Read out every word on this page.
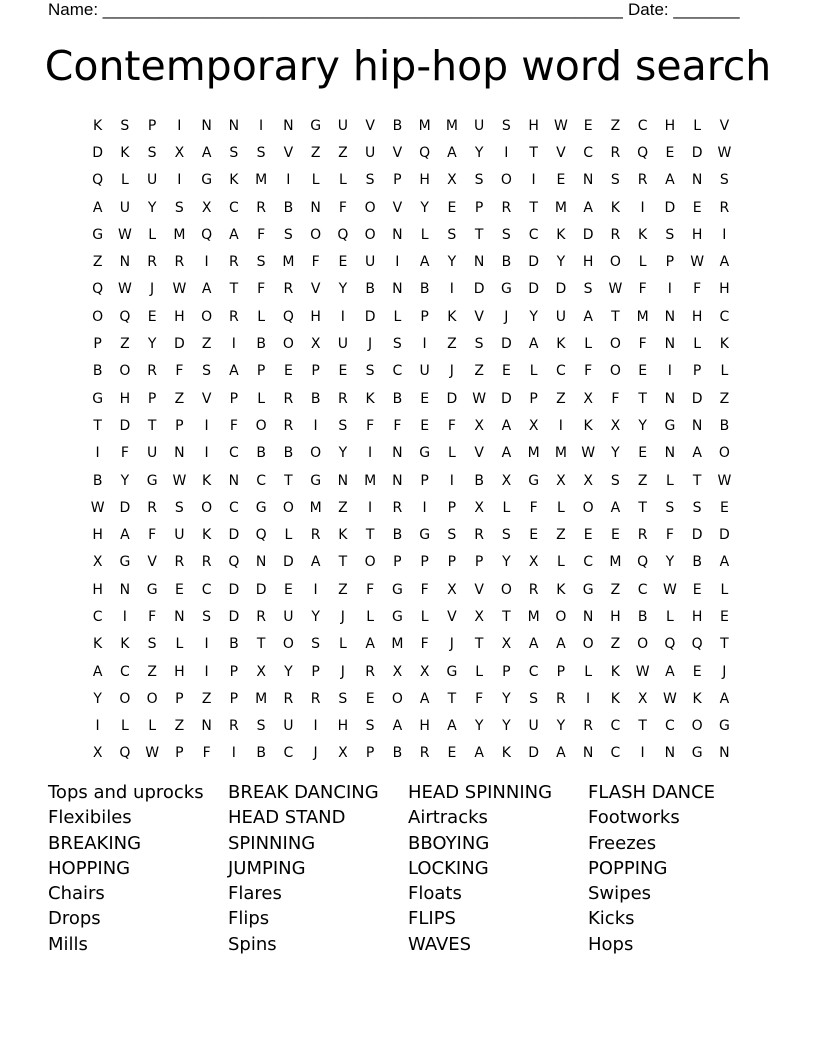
Name: _______________________________________________________ Date: _______
Contemporary hip-hop word search
K	S	P	I	N	N	I	N	G	U	V	B	M	M	U	S	H	W	E	Z	C	H	L	V
D	K	S	X	A	S	S	V	Z	Z	U	V	Q	A	Y	I	T	V	C	R	Q	E	D	W
Q	L	U	I	G	K	M	I	L	L	S	P	H	X	S	O	I	E	N	S	R	A	N	S
A	U	Y	S	X	C	R	B	N	F	O	V	Y	E	P	R	T	M	A	K	I	D	E	R
G	W	L	M	Q	A	F	S	O	Q	O	N	L	S	T	S	C	K	D	R	K	S	H	I
Z	N	R	R	I	R	S	M	F	E	U	I	A	Y	N	B	D	Y	H	O	L	P	W	A
Q	W	J	W	A	T	F	R	V	Y	B	N	B	I	D	G	D	D	S	W	F	I	F	H
O	Q	E	H	O	R	L	Q	H	I	D	L	P	K	V	J	Y	U	A	T	M	N	H	C
P	Z	Y	D	Z	I	B	O	X	U	J	S	I	Z	S	D	A	K	L	O	F	N	L	K
B	O	R	F	S	A	P	E	P	E	S	C	U	J	Z	E	L	C	F	O	E	I	P	L
G	H	P	Z	V	P	L	R	B	R	K	B	E	D	W	D	P	Z	X	F	T	N	D	Z
T	D	T	P	I	F	O	R	I	S	F	F	E	F	X	A	X	I	K	X	Y	G	N	B
I	F	U	N	I	C	B	B	O	Y	I	N	G	L	V	A	M	M	W	Y	E	N	A	O
B	Y	G	W	K	N	C	T	G	N	M	N	P	I	B	X	G	X	X	S	Z	L	T	W
W	D	R	S	O	C	G	O	M	Z	I	R	I	P	X	L	F	L	O	A	T	S	S	E
H	A	F	U	K	D	Q	L	R	K	T	B	G	S	R	S	E	Z	E	E	R	F	D	D
X	G	V	R	R	Q	N	D	A	T	O	P	P	P	P	Y	X	L	C	M	Q	Y	B	A
H	N	G	E	C	D	D	E	I	Z	F	G	F	X	V	O	R	K	G	Z	C	W	E	L
C	I	F	N	S	D	R	U	Y	J	L	G	L	V	X	T	M	O	N	H	B	L	H	E
K	K	S	L	I	B	T	O	S	L	A	M	F	J	T	X	A	A	O	Z	O	Q	Q	T
A	C	Z	H	I	P	X	Y	P	J	R	X	X	G	L	P	C	P	L	K	W	A	E	J
Y	O	O	P	Z	P	M	R	R	S	E	O	A	T	F	Y	S	R	I	K	X	W	K	A
I	L	L	Z	N	R	S	U	I	H	S	A	H	A	Y	Y	U	Y	R	C	T	C	O	G
X	Q	W	P	F	I	B	C	J	X	P	B	R	E	A	K	D	A	N	C	I	N	G	N
Tops and uprocks	BREAK DANCING	HEAD SPINNING	FLASH DANCE
Flexibiles	HEAD STAND	Airtracks	Footworks
BREAKING	SPINNING	BBOYING	Freezes
HOPPING	JUMPING	LOCKING	POPPING
Chairs	Flares	Floats	Swipes
Drops	Flips	FLIPS	Kicks
Mills	Spins	WAVES	Hops
